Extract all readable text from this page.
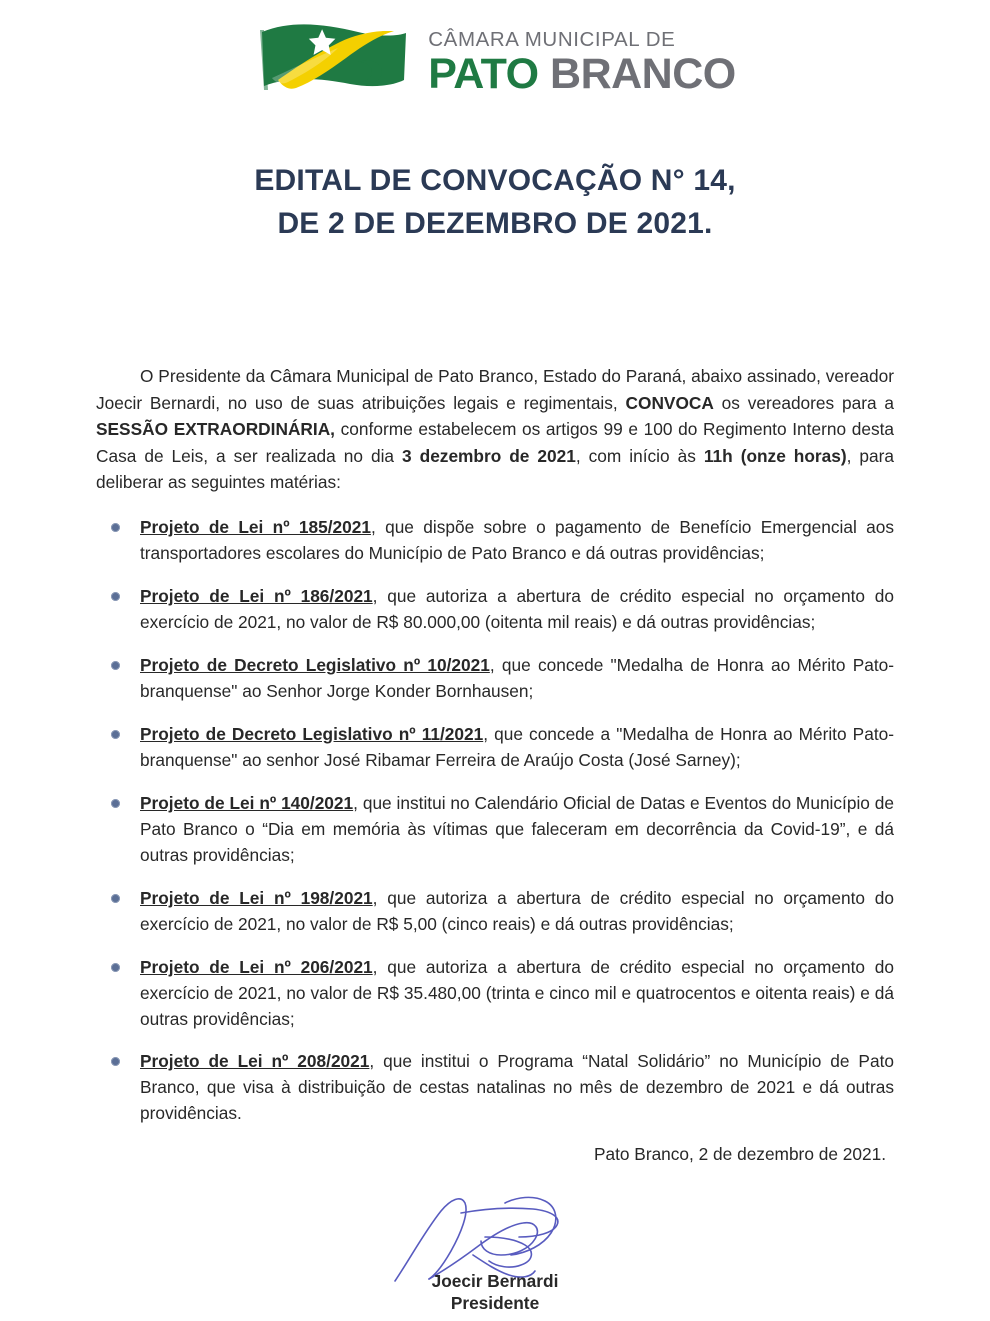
CÂMARA MUNICIPAL DE
PATO BRANCO
EDITAL DE CONVOCAÇÃO N° 14,
DE 2 DE DEZEMBRO DE 2021.

O Presidente da Câmara Municipal de Pato Branco, Estado do Paraná, abaixo assinado, vereador Joecir Bernardi, no uso de suas atribuições legais e regimentais, CONVOCA os vereadores para a SESSÃO EXTRAORDINÁRIA, conforme estabelecem os artigos 99 e 100 do Regimento Interno desta Casa de Leis, a ser realizada no dia 3 dezembro de 2021, com início às 11h (onze horas), para deliberar as seguintes matérias:

Projeto de Lei nº 185/2021, que dispõe sobre o pagamento de Benefício Emergencial aos transportadores escolares do Município de Pato Branco e dá outras providências;
Projeto de Lei nº 186/2021, que autoriza a abertura de crédito especial no orçamento do exercício de 2021, no valor de R$ 80.000,00 (oitenta mil reais) e dá outras providências;
Projeto de Decreto Legislativo nº 10/2021, que concede "Medalha de Honra ao Mérito Pato-branquense" ao Senhor Jorge Konder Bornhausen;
Projeto de Decreto Legislativo nº 11/2021, que concede a "Medalha de Honra ao Mérito Pato-branquense" ao senhor José Ribamar Ferreira de Araújo Costa (José Sarney);
Projeto de Lei nº 140/2021, que institui no Calendário Oficial de Datas e Eventos do Município de Pato Branco o “Dia em memória às vítimas que faleceram em decorrência da Covid-19”, e dá outras providências;
Projeto de Lei nº 198/2021, que autoriza a abertura de crédito especial no orçamento do exercício de 2021, no valor de R$ 5,00 (cinco reais) e dá outras providências;
Projeto de Lei nº 206/2021, que autoriza a abertura de crédito especial no orçamento do exercício de 2021, no valor de R$ 35.480,00 (trinta e cinco mil e quatrocentos e oitenta reais) e dá outras providências;
Projeto de Lei nº 208/2021, que institui o Programa “Natal Solidário” no Município de Pato Branco, que visa à distribuição de cestas natalinas no mês de dezembro de 2021 e dá outras providências.

Pato Branco, 2 de dezembro de 2021.

Joecir Bernardi
Presidente
